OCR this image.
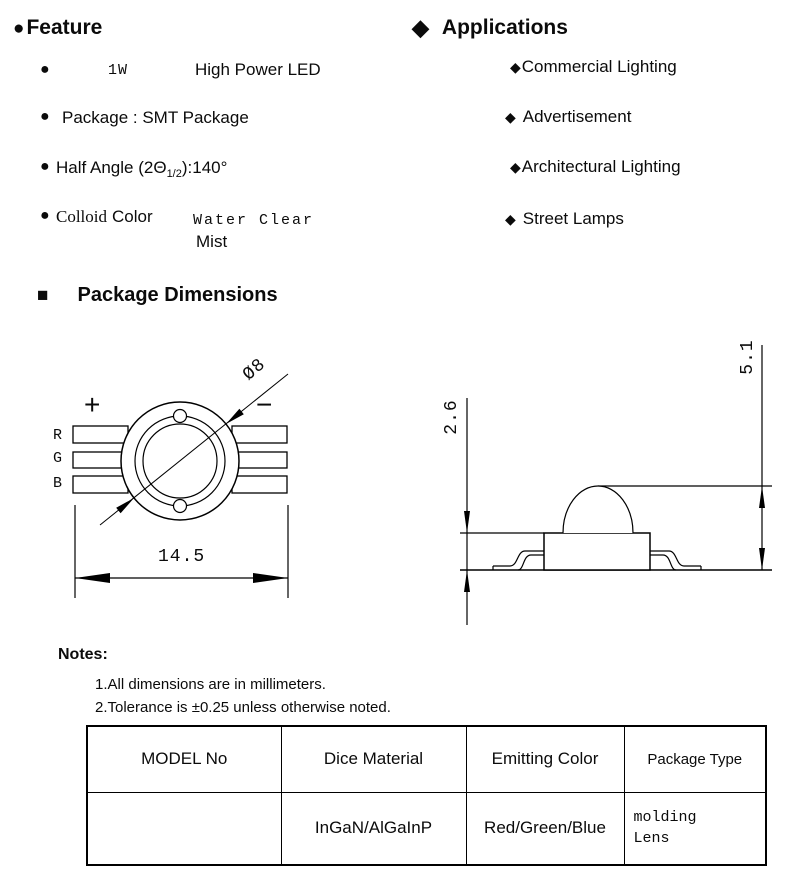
● Feature
●	1W	High Power LED
● Package : SMT Package
● Half Angle $(2\Theta_{1/2}):140^\circ$
● Colloid Color	Water Clear
Mist
◆ Applications
◆ Commercial Lighting
◆ Advertisement
◆ Architectural Lighting
◆ Street Lamps
■ Package Dimensions
+	−
R
G
B
Ø8
14.5
2.6
5.1
Notes:
1.All dimensions are in millimeters.
2.Tolerance is ±0.25 unless otherwise noted.
MODEL No	Dice Material	Emitting Color	Package Type
	InGaN/AlGaInP	Red/Green/Blue	molding
Lens
